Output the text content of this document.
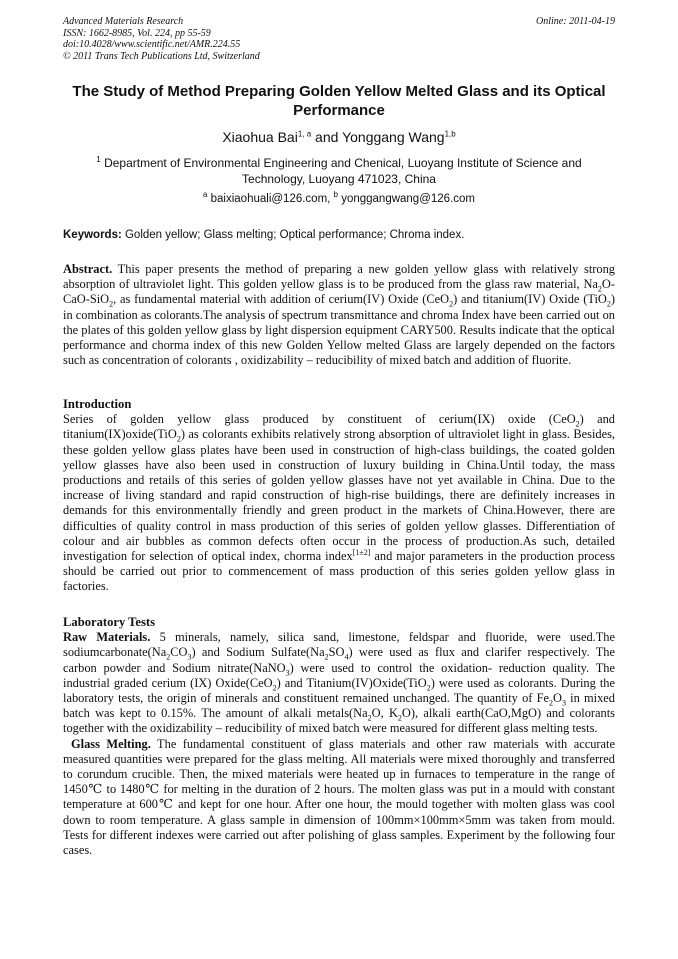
Advanced Materials Research
ISSN: 1662-8985, Vol. 224, pp 55-59
doi:10.4028/www.scientific.net/AMR.224.55
© 2011 Trans Tech Publications Ltd, Switzerland
Online: 2011-04-19
The Study of Method Preparing Golden Yellow Melted Glass and its Optical Performance
Xiaohua Bai$^{1, a}$ and Yonggang Wang$^{1,b}$
$^1$ Department of Environmental Engineering and Chenical, Luoyang Institute of Science and Technology, Luoyang 471023, China
$^a$ baixiaohuali@126.com, $^b$ yonggangwang@126.com
Keywords: Golden yellow; Glass melting; Optical performance; Chroma index.

Abstract. This paper presents the method of preparing a new golden yellow glass with relatively strong absorption of ultraviolet light. This golden yellow glass is to be produced from the glass raw material, $Na_2O-CaO-SiO_2$, as fundamental material with addition of cerium(IV) Oxide (CeO$_2$) and titanium(IV) Oxide (TiO$_2$) in combination as colorants.The analysis of spectrum transmittance and chroma Index have been carried out on the plates of this golden yellow glass by light dispersion equipment CARY500. Results indicate that the optical performance and chorma index of this new Golden Yellow melted Glass are largely depended on the factors such as concentration of colorants , oxidizability – reducibility of mixed batch and addition of fluorite.

Introduction

Series of golden yellow glass produced by constituent of cerium(IX) oxide (CeO$_2$) and titanium(IX)oxide(TiO$_2$) as colorants exhibits relatively strong absorption of ultraviolet light in glass. Besides, these golden yellow glass plates have been used in construction of high-class buildings, the coated golden yellow glasses have also been used in construction of luxury building in China.Until today, the mass productions and retails of this series of golden yellow glasses have not yet available in China. Due to the increase of living standard and rapid construction of high-rise buildings, there are definitely increases in demands for this environmentally friendly and green product in the markets of China.However, there are difficulties of quality control in mass production of this series of golden yellow glasses. Differentiation of colour and air bubbles as common defects often occur in the process of production.As such, detailed investigation for selection of optical index, chorma index[1±2] and major parameters in the production process should be carried out prior to commencement of mass production of this series golden yellow glass in factories.

Laboratory Tests

Raw Materials. 5 minerals, namely, silica sand, limestone, feldspar and fluoride, were used.The $sodiumcarbonate(Na_2CO_3)$ and Sodium $Sulfate(Na_2SO_4)$ were used as flux and clarifer respectively. The carbon powder and Sodium nitrate(NaNO$_3$) were used to control the oxidation- reduction quality. The industrial graded cerium (IX) Oxide(CeO$_2$) and Titanium(IV)Oxide(TiO$_2$) were used as colorants. During the laboratory tests, the origin of minerals and constituent remained unchanged. The quantity of $Fe_2O_3$ in mixed batch was kept to 0.15%. The amount of alkali $metals(Na_2O$, $K_2O$), alkali earth(CaO,MgO) and colorants together with the oxidizability – reducibility of mixed batch were measured for different glass melting tests.

Glass Melting. The fundamental constituent of glass materials and other raw materials with accurate measured quantities were prepared for the glass melting. All materials were mixed thoroughly and transferred to corundum crucible. Then, the mixed materials were heated up in furnaces to temperature in the range of 1450℃ to 1480℃ for melting in the duration of 2 hours. The molten glass was put in a mould with constant temperature at 600℃ and kept for one hour. After one hour, the mould together with molten glass was cool down to room temperature. A glass sample in dimension of 100mm×100mm×5mm was taken from mould. Tests for different indexes were carried out after polishing of glass samples. Experiment by the following four cases.
